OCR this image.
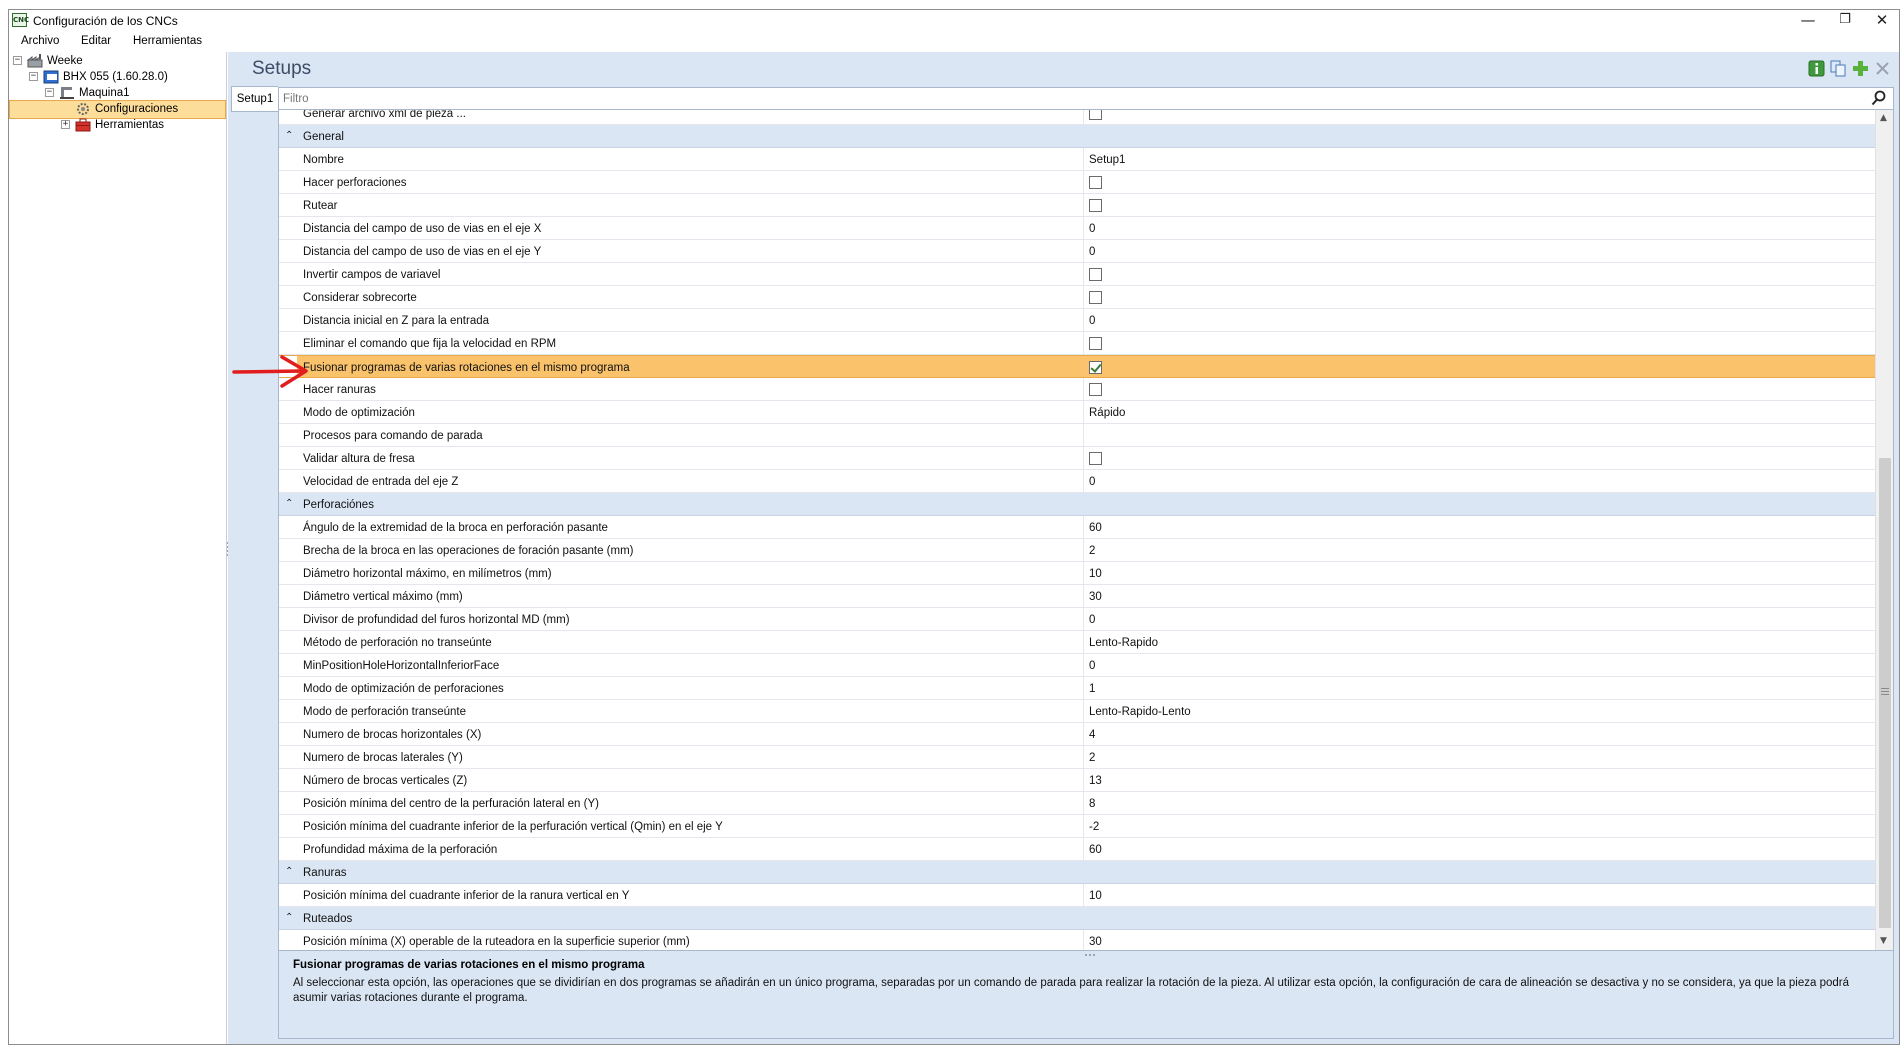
CNC Configuración de los CNCs	—	❐	✕
Archivo Editar Herramientas
− Weeke
− BHX 055 (1.60.28.0)
− Maquina1
Configuraciones
+ Herramientas
Setups
Setup1
Filtro
Generar archivo xml de pieza ...
⌃ General
Nombre	Setup1
Hacer perforaciones
Rutear
Distancia del campo de uso de vias en el eje X	0
Distancia del campo de uso de vias en el eje Y	0
Invertir campos de variavel
Considerar sobrecorte
Distancia inicial en Z para la entrada	0
Eliminar el comando que fija la velocidad en RPM
Fusionar programas de varias rotaciones en el mismo programa
Hacer ranuras
Modo de optimización	Rápido
Procesos para comando de parada
Validar altura de fresa
Velocidad de entrada del eje Z	0
⌃ Perforaciónes
Ángulo de la extremidad de la broca en perforación pasante	60
Brecha de la broca en las operaciones de foración pasante (mm)	2
Diámetro horizontal máximo, en milímetros (mm)	10
Diámetro vertical máximo (mm)	30
Divisor de profundidad del furos horizontal MD (mm)	0
Método de perforación no transeúnte	Lento-Rapido
MinPositionHoleHorizontalInferiorFace	0
Modo de optimización de perforaciones	1
Modo de perforación transeúnte	Lento-Rapido-Lento
Numero de brocas horizontales (X)	4
Numero de brocas laterales (Y)	2
Número de brocas verticales (Z)	13
Posición mínima del centro de la perfuración lateral en (Y)	8
Posición mínima del cuadrante inferior de la perfuración vertical (Qmin) en el eje Y	-2
Profundidad máxima de la perforación	60
⌃ Ranuras
Posición mínima del cuadrante inferior de la ranura vertical en Y	10
⌃ Ruteados
Posición mínima (X) operable de la ruteadora en la superficie superior (mm)	30
▲
▼
Fusionar programas de varias rotaciones en el mismo programa
Al seleccionar esta opción, las operaciones que se dividirían en dos programas se añadirán en un único programa, separadas por un comando de parada para realizar la rotación de la pieza. Al utilizar esta opción, la configuración de cara de alineación se desactiva y no se considera, ya que la pieza podrá asumir varias rotaciones durante el programa.
